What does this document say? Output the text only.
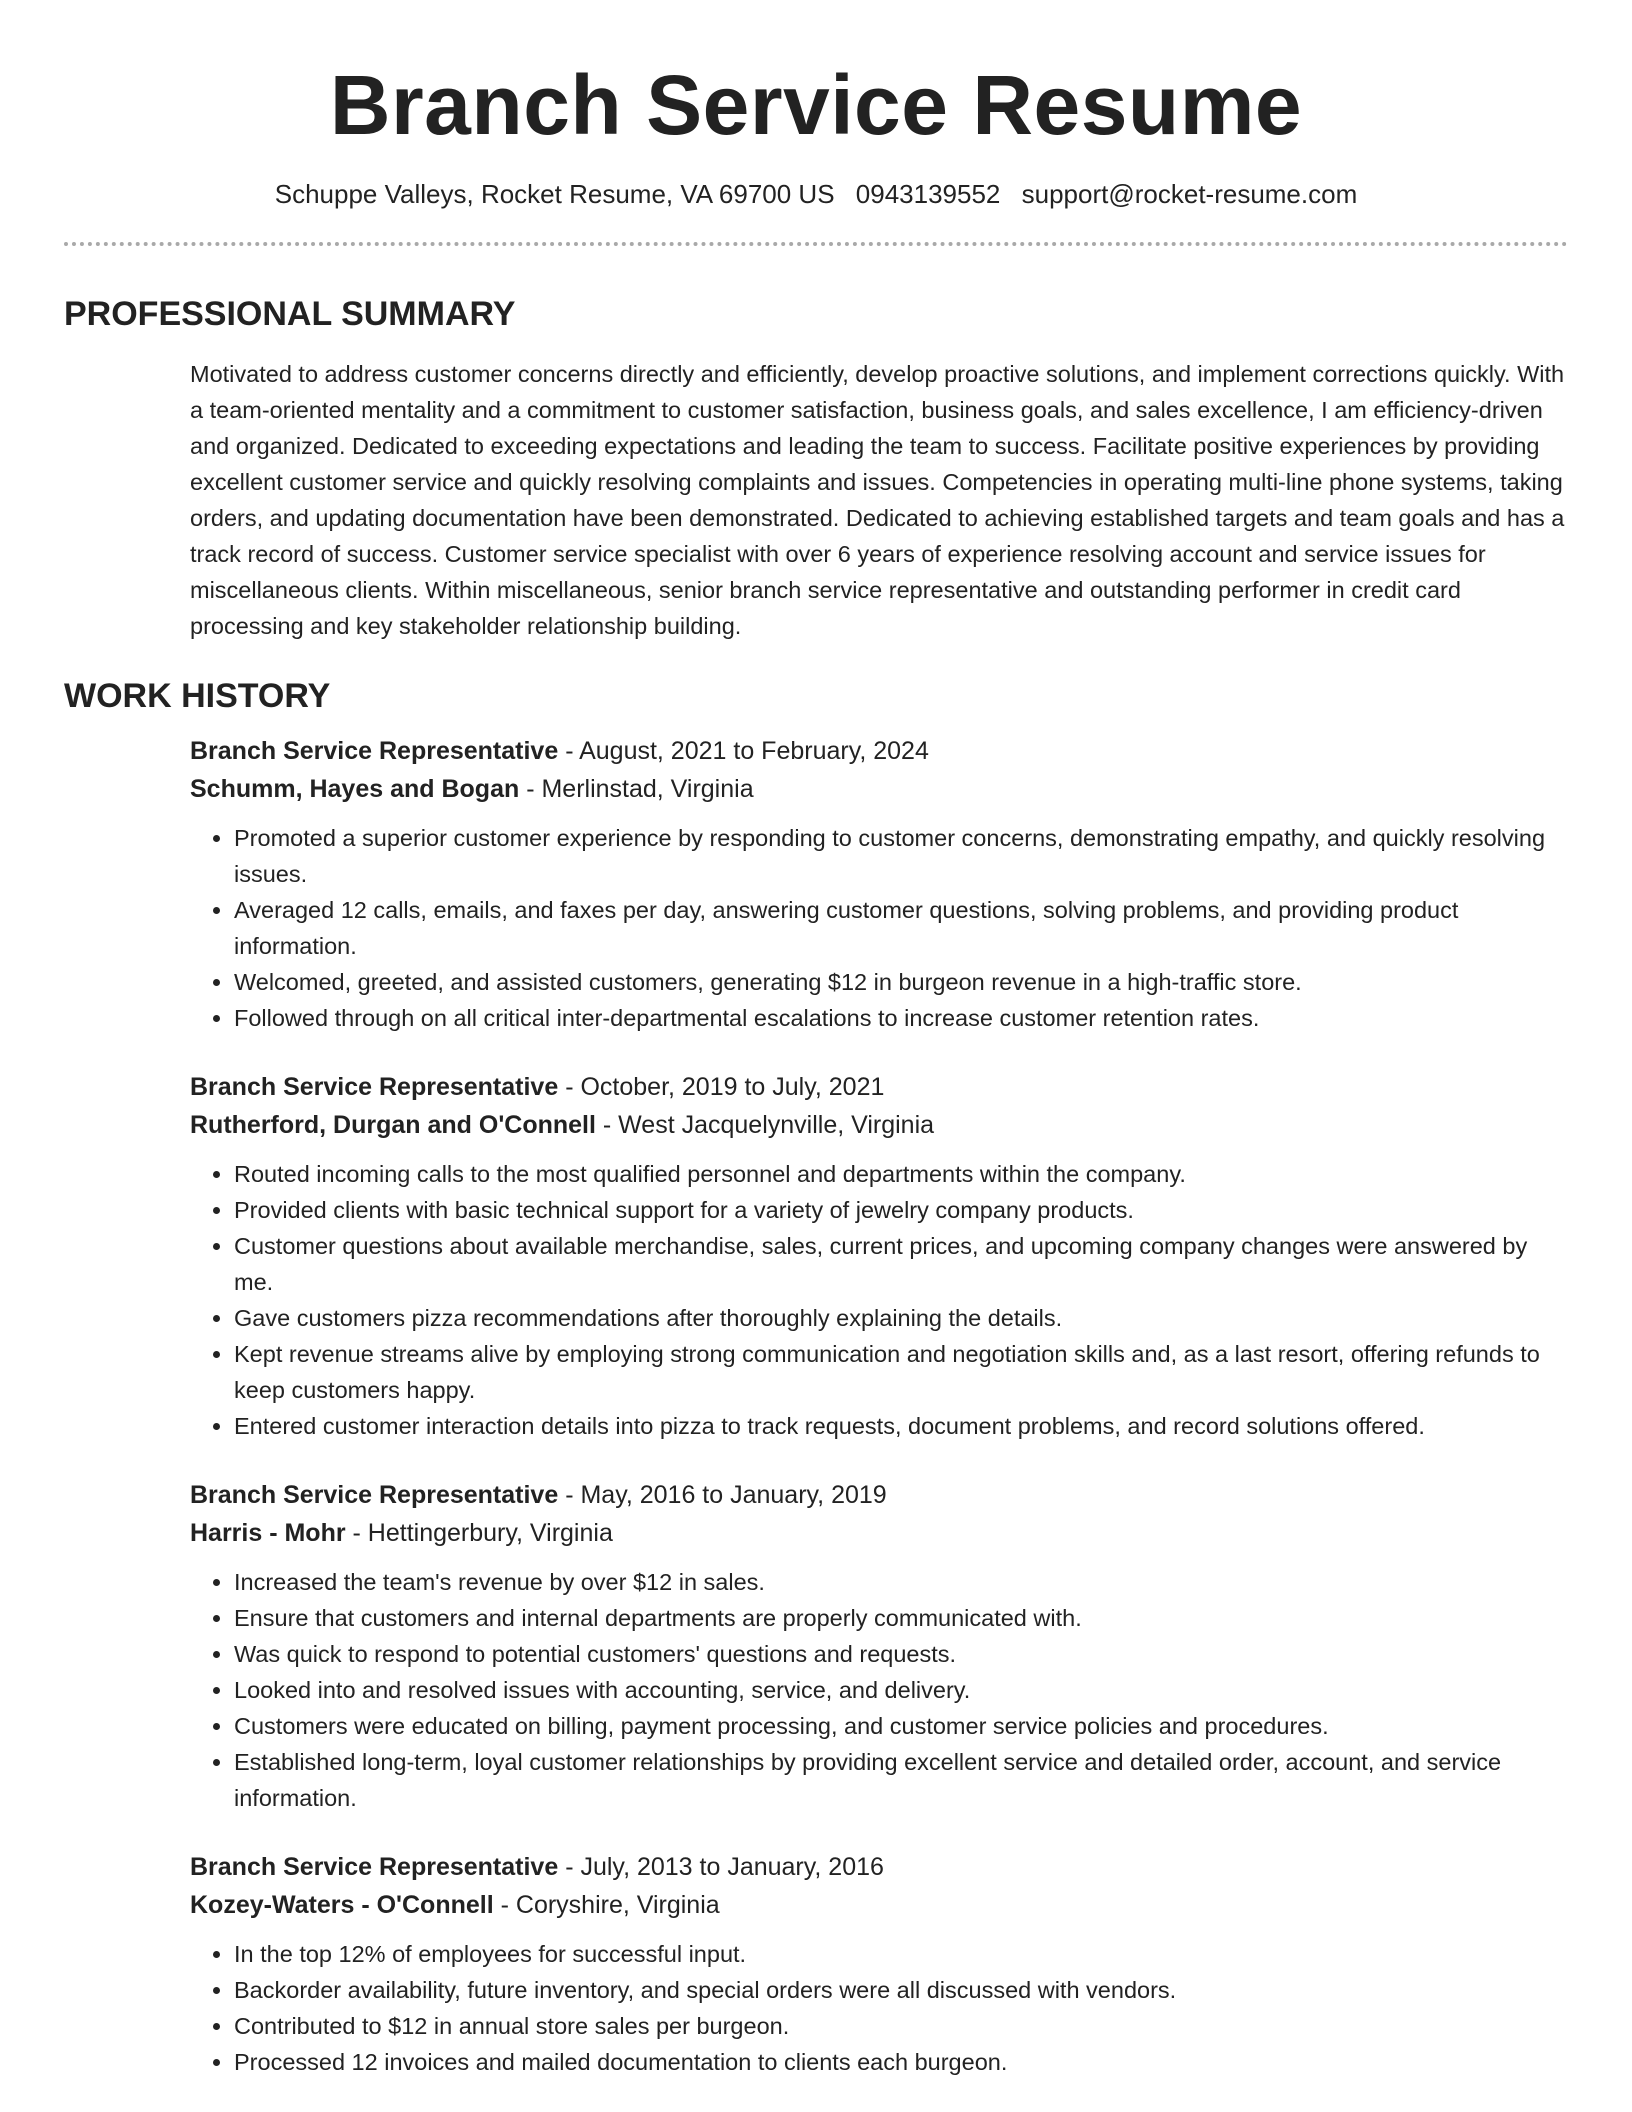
Branch Service Resume
Schuppe Valleys, Rocket Resume, VA 69700 US 0943139552 support@rocket-resume.com
PROFESSIONAL SUMMARY
Motivated to address customer concerns directly and efficiently, develop proactive solutions, and implement corrections quickly. With a team-oriented mentality and a commitment to customer satisfaction, business goals, and sales excellence, I am efficiency-driven and organized. Dedicated to exceeding expectations and leading the team to success. Facilitate positive experiences by providing excellent customer service and quickly resolving complaints and issues. Competencies in operating multi-line phone systems, taking orders, and updating documentation have been demonstrated. Dedicated to achieving established targets and team goals and has a track record of success. Customer service specialist with over 6 years of experience resolving account and service issues for miscellaneous clients. Within miscellaneous, senior branch service representative and outstanding performer in credit card processing and key stakeholder relationship building.
WORK HISTORY
Branch Service Representative - August, 2021 to February, 2024
Schumm, Hayes and Bogan - Merlinstad, Virginia
• Promoted a superior customer experience by responding to customer concerns, demonstrating empathy, and quickly resolving issues.
• Averaged 12 calls, emails, and faxes per day, answering customer questions, solving problems, and providing product information.
• Welcomed, greeted, and assisted customers, generating $12 in burgeon revenue in a high-traffic store.
• Followed through on all critical inter-departmental escalations to increase customer retention rates.
Branch Service Representative - October, 2019 to July, 2021
Rutherford, Durgan and O'Connell - West Jacquelynville, Virginia
• Routed incoming calls to the most qualified personnel and departments within the company.
• Provided clients with basic technical support for a variety of jewelry company products.
• Customer questions about available merchandise, sales, current prices, and upcoming company changes were answered by me.
• Gave customers pizza recommendations after thoroughly explaining the details.
• Kept revenue streams alive by employing strong communication and negotiation skills and, as a last resort, offering refunds to keep customers happy.
• Entered customer interaction details into pizza to track requests, document problems, and record solutions offered.
Branch Service Representative - May, 2016 to January, 2019
Harris - Mohr - Hettingerbury, Virginia
• Increased the team's revenue by over $12 in sales.
• Ensure that customers and internal departments are properly communicated with.
• Was quick to respond to potential customers' questions and requests.
• Looked into and resolved issues with accounting, service, and delivery.
• Customers were educated on billing, payment processing, and customer service policies and procedures.
• Established long-term, loyal customer relationships by providing excellent service and detailed order, account, and service information.
Branch Service Representative - July, 2013 to January, 2016
Kozey-Waters - O'Connell - Coryshire, Virginia
• In the top 12% of employees for successful input.
• Backorder availability, future inventory, and special orders were all discussed with vendors.
• Contributed to $12 in annual store sales per burgeon.
• Processed 12 invoices and mailed documentation to clients each burgeon.
